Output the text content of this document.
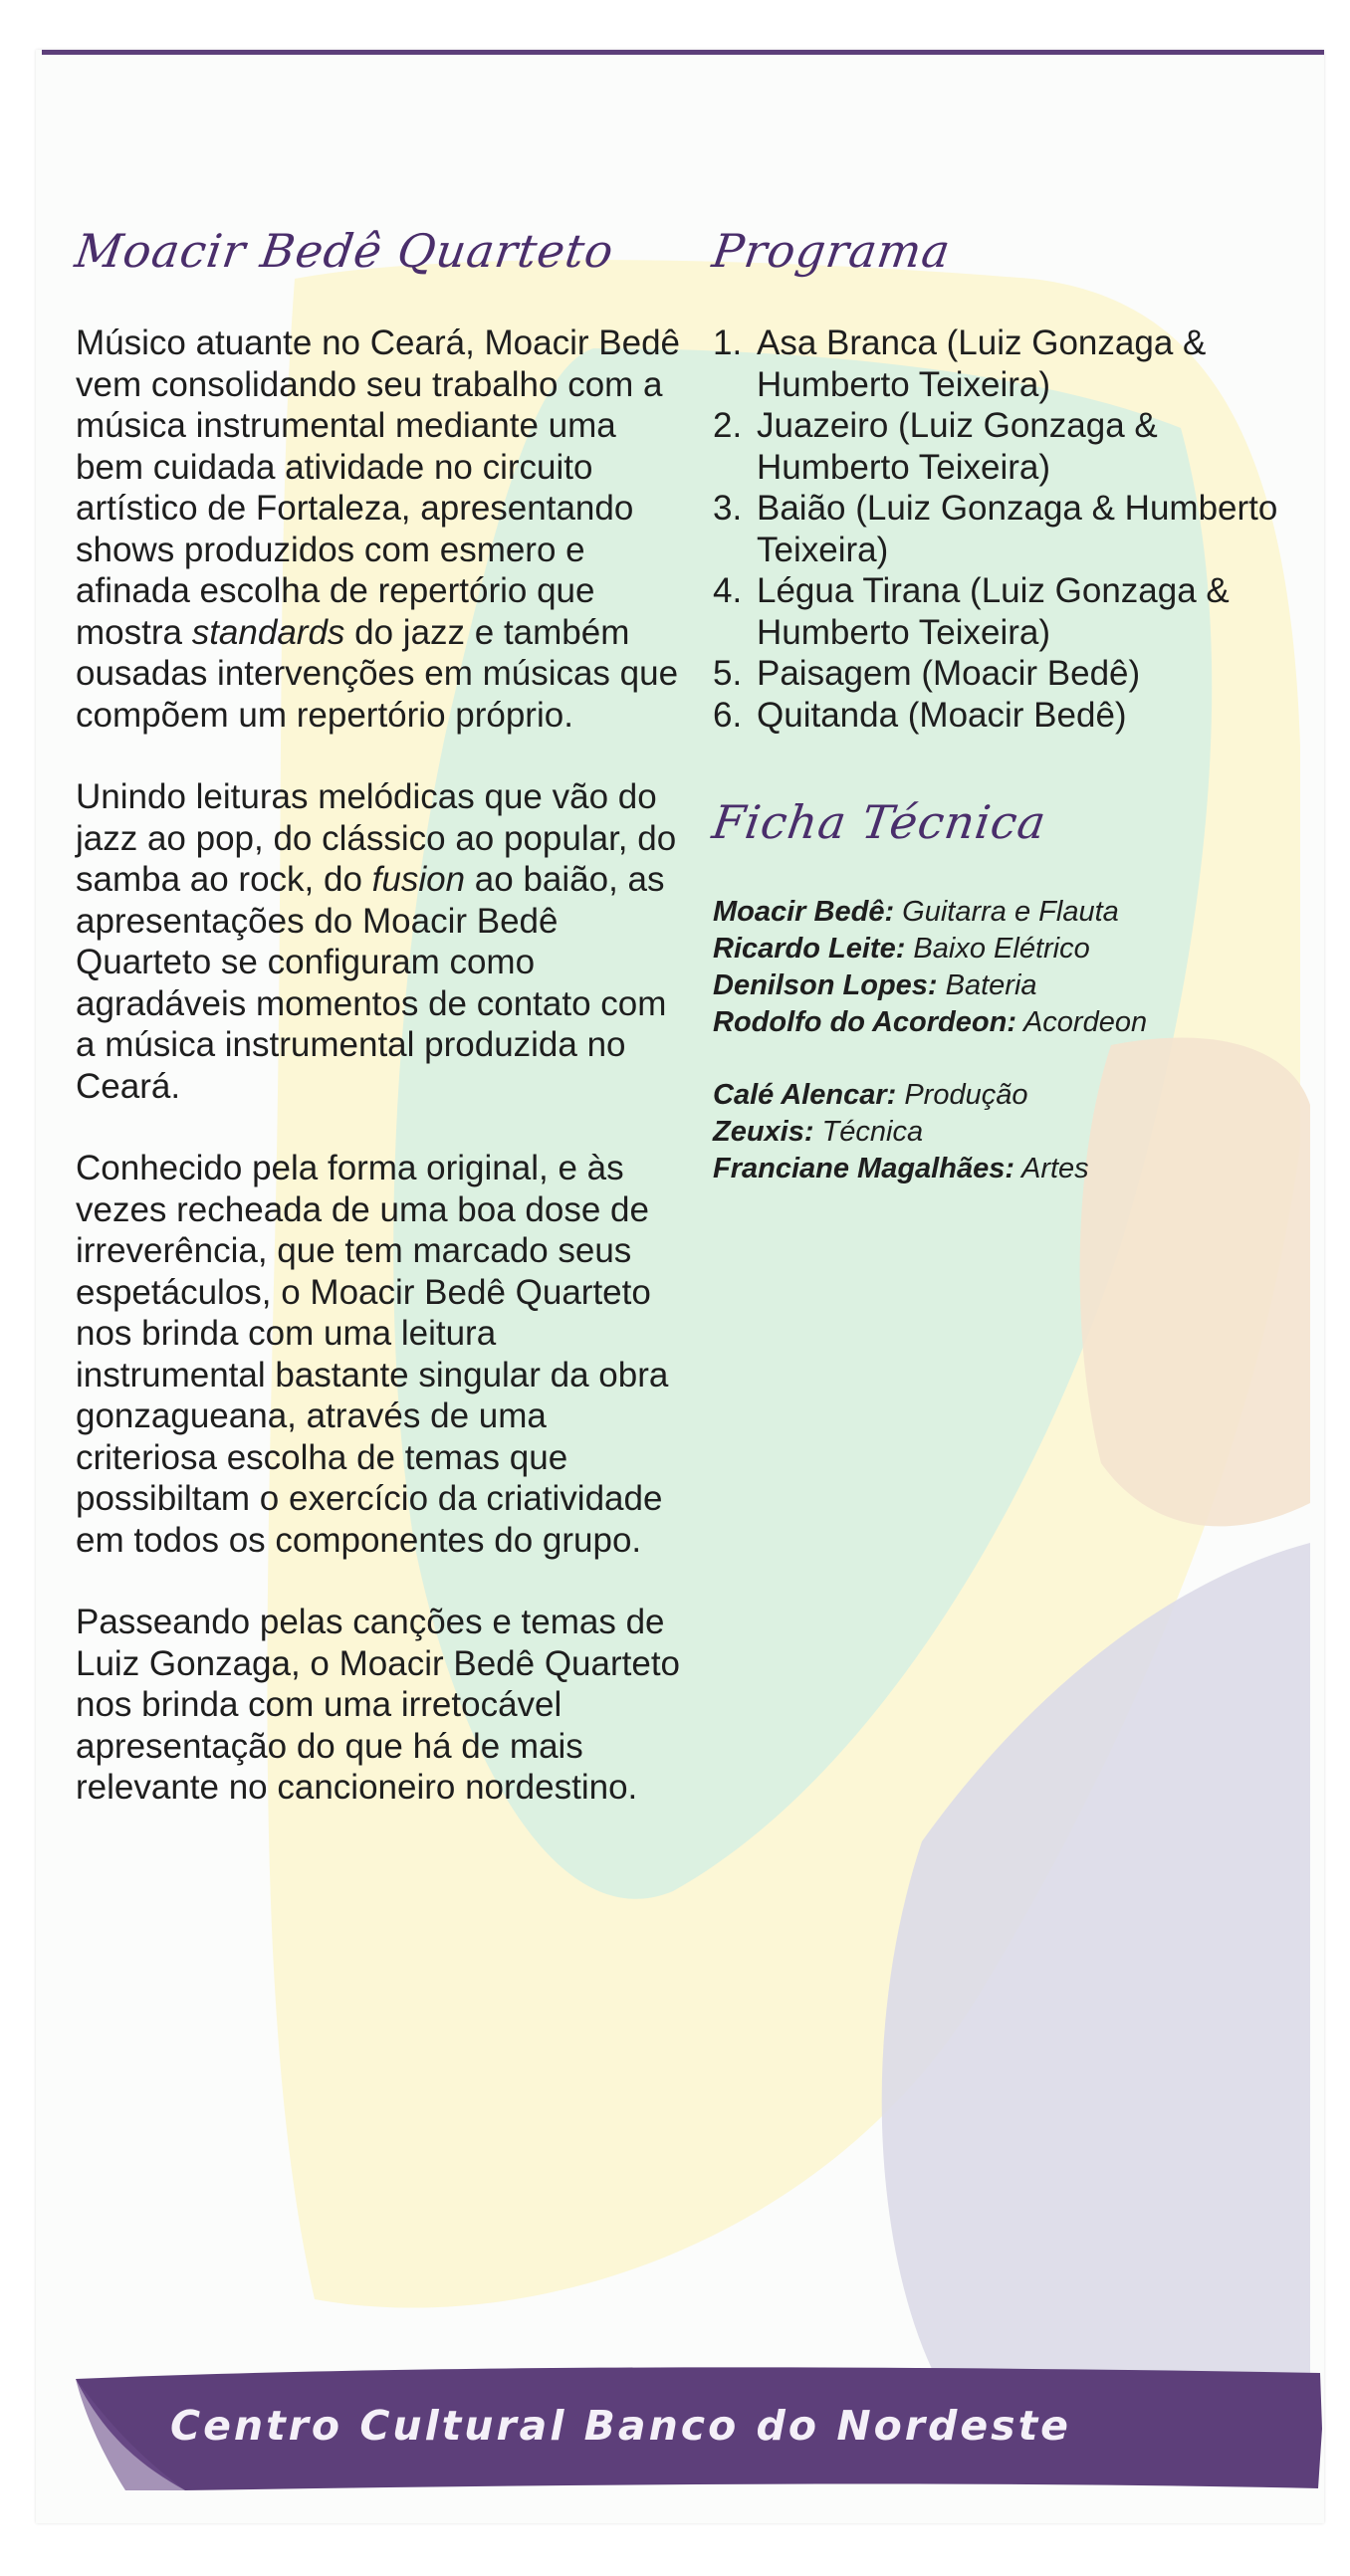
Moacir Bedê Quarteto

Músico atuante no Ceará, Moacir Bedê vem consolidando seu trabalho com a música instrumental mediante uma bem cuidada atividade no circuito artístico de Fortaleza, apresentando shows produzidos com esmero e afinada escolha de repertório que mostra standards do jazz e também ousadas intervenções em músicas que compõem um repertório próprio.

Unindo leituras melódicas que vão do jazz ao pop, do clássico ao popular, do samba ao rock, do fusion ao baião, as apresentações do Moacir Bedê Quarteto se configuram como agradáveis momentos de contato com a música instrumental produzida no Ceará.

Conhecido pela forma original, e às vezes recheada de uma boa dose de irreverência, que tem marcado seus espetáculos, o Moacir Bedê Quarteto nos brinda com uma leitura instrumental bastante singular da obra gonzagueana, através de uma criteriosa escolha de temas que possibiltam o exercício da criatividade em todos os componentes do grupo.

Passeando pelas canções e temas de Luiz Gonzaga, o Moacir Bedê Quarteto nos brinda com uma irretocável apresentação do que há de mais relevante no cancioneiro nordestino.

Programa
1. Asa Branca (Luiz Gonzaga & Humberto Teixeira)
2. Juazeiro (Luiz Gonzaga & Humberto Teixeira)
3. Baião (Luiz Gonzaga & Humberto Teixeira)
4. Légua Tirana (Luiz Gonzaga & Humberto Teixeira)
5. Paisagem (Moacir Bedê)
6. Quitanda (Moacir Bedê)
Ficha Técnica
Moacir Bedê: Guitarra e Flauta
Ricardo Leite: Baixo Elétrico
Denilson Lopes: Bateria
Rodolfo do Acordeon: Acordeon
Calé Alencar: Produção
Zeuxis: Técnica
Franciane Magalhães: Artes
Centro Cultural Banco do Nordeste
